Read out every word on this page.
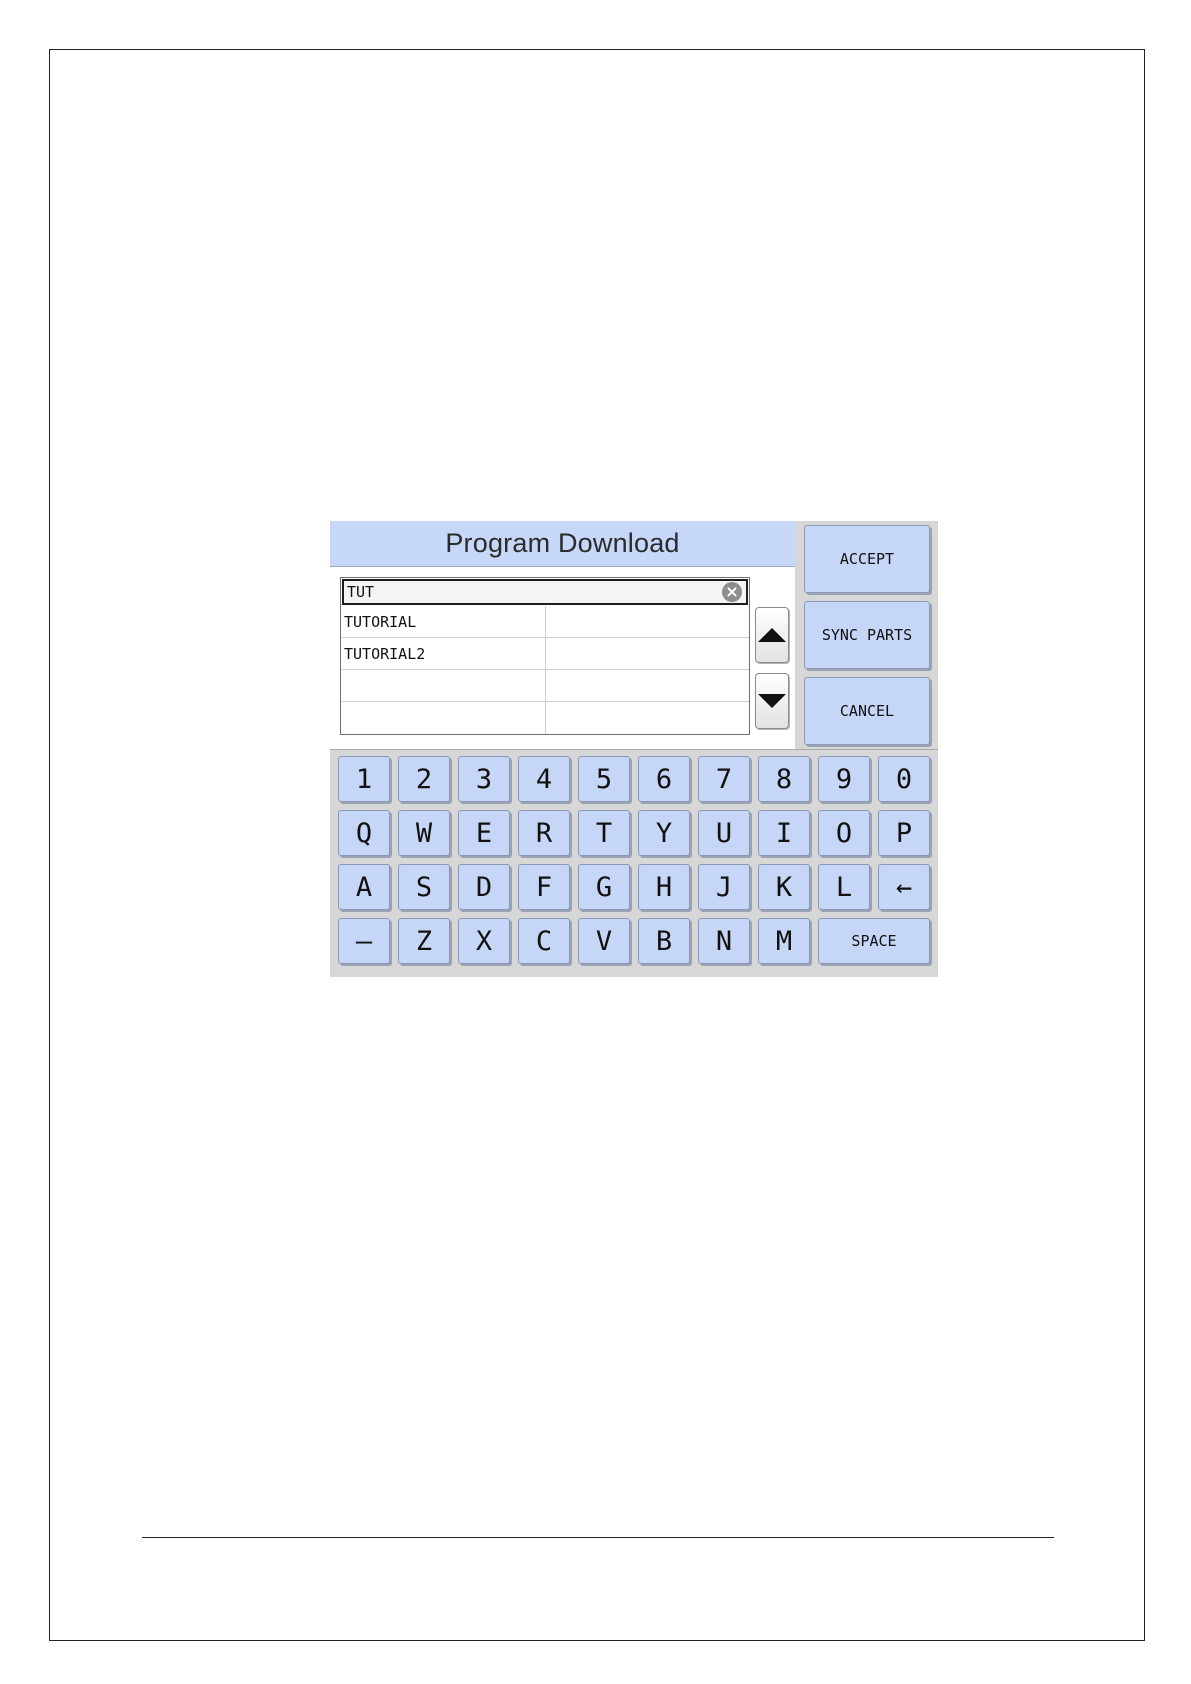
Program Download
TUT
TUTORIAL
TUTORIAL2
ACCEPT
SYNC PARTS
CANCEL
1	2	3	4	5	6	7	8	9	0
Q	W	E	R	T	Y	U	I	O	P
A	S	D	F	G	H	J	K	L	←
–	Z	X	C	V	B	N	M	SPACE
